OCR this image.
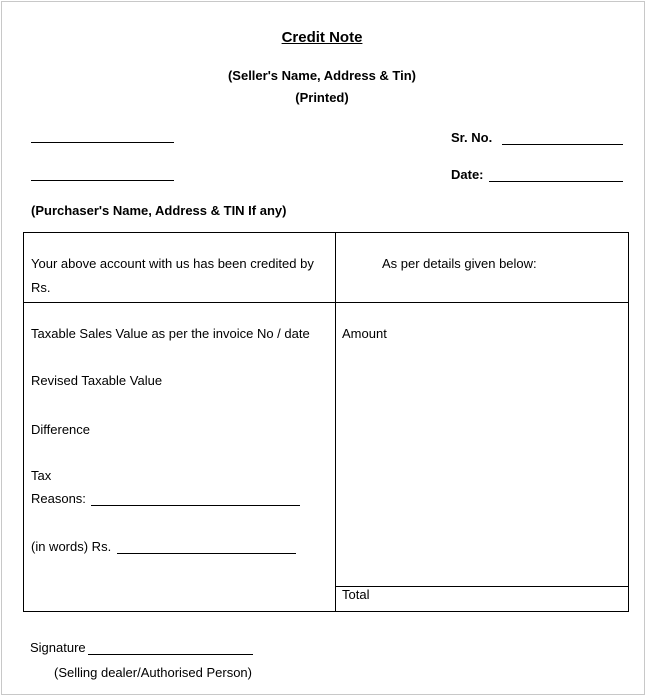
Credit Note
(Seller's Name, Address & Tin)
(Printed)
Sr. No.
Date:
(Purchaser's Name, Address & TIN If any)
Your above account with us has been credited by
Rs.
As per details given below:
Taxable Sales Value as per the invoice No / date
Revised Taxable Value
Difference
Tax
Reasons:
(in words) Rs.
Amount
Total
Signature
(Selling dealer/Authorised Person)
